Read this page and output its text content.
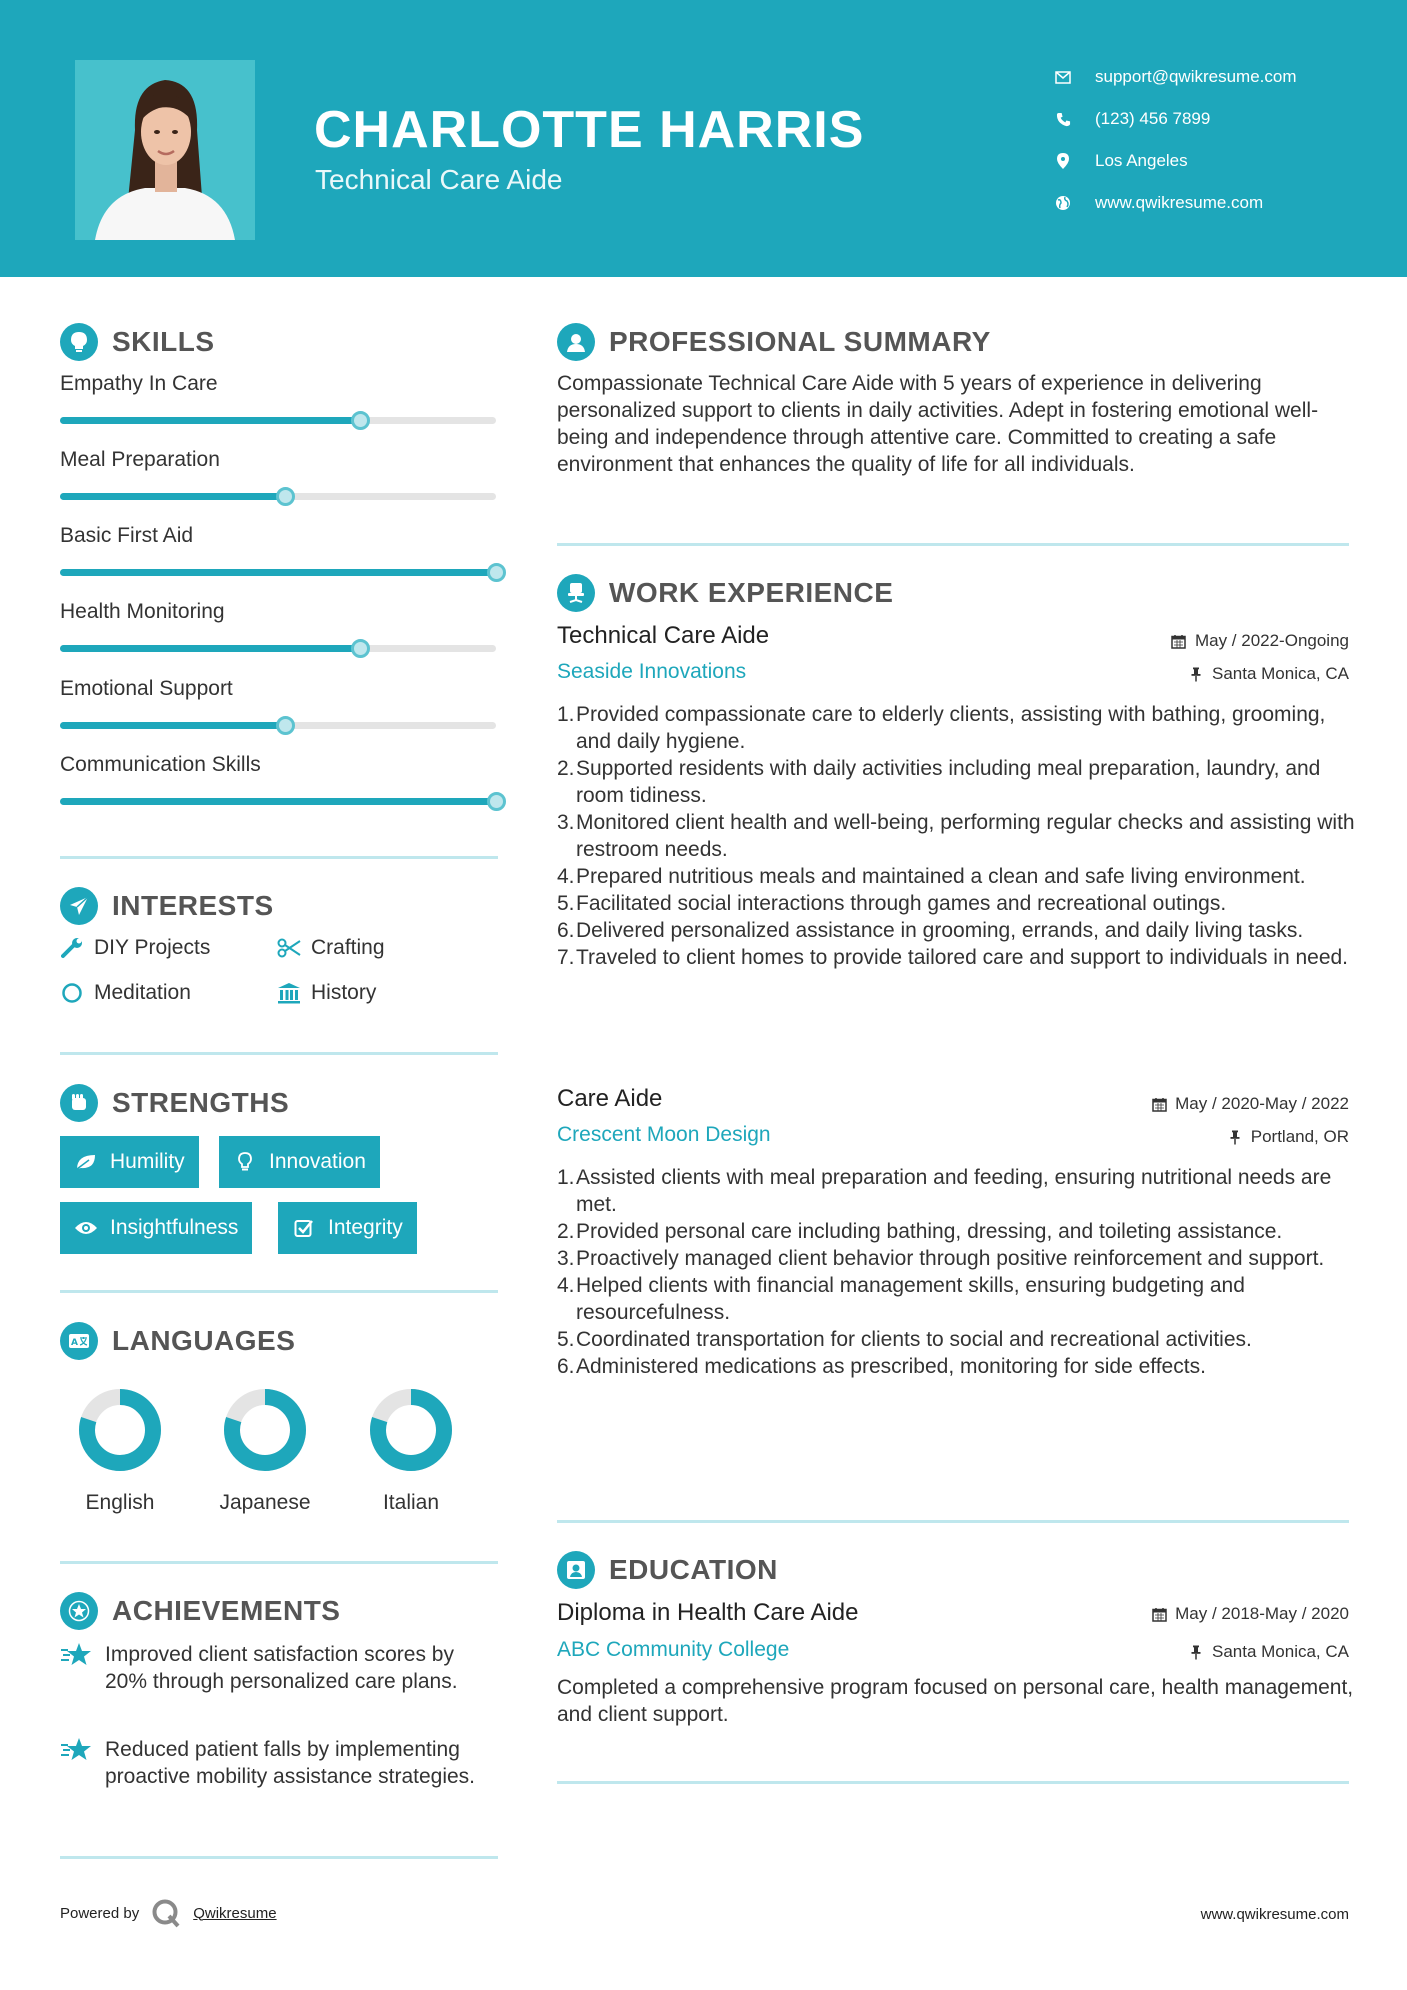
CHARLOTTE HARRIS
Technical Care Aide
support@qwikresume.com
(123) 456 7899
Los Angeles
www.qwikresume.com
SKILLS
Empathy In Care
Meal Preparation
Basic First Aid
Health Monitoring
Emotional Support
Communication Skills
INTERESTS
DIY Projects	Crafting
Meditation	History
STRENGTHS
Humility	Innovation
Insightfulness	Integrity
A LANGUAGES
English	Japanese	Italian
ACHIEVEMENTS
Improved client satisfaction scores by 20% through personalized care plans.
Reduced patient falls by implementing proactive mobility assistance strategies.
PROFESSIONAL SUMMARY
Compassionate Technical Care Aide with 5 years of experience in delivering personalized support to clients in daily activities. Adept in fostering emotional well-being and independence through attentive care. Committed to creating a safe environment that enhances the quality of life for all individuals.
WORK EXPERIENCE
Technical Care Aide	May / 2022-Ongoing
Seaside Innovations	Santa Monica, CA
1. Provided compassionate care to elderly clients, assisting with bathing, grooming, and daily hygiene.
2. Supported residents with daily activities including meal preparation, laundry, and room tidiness.
3. Monitored client health and well-being, performing regular checks and assisting with restroom needs.
4. Prepared nutritious meals and maintained a clean and safe living environment.
5. Facilitated social interactions through games and recreational outings.
6. Delivered personalized assistance in grooming, errands, and daily living tasks.
7. Traveled to client homes to provide tailored care and support to individuals in need.
Care Aide	May / 2020-May / 2022
Crescent Moon Design	Portland, OR
1. Assisted clients with meal preparation and feeding, ensuring nutritional needs are met.
2. Provided personal care including bathing, dressing, and toileting assistance.
3. Proactively managed client behavior through positive reinforcement and support.
4. Helped clients with financial management skills, ensuring budgeting and resourcefulness.
5. Coordinated transportation for clients to social and recreational activities.
6. Administered medications as prescribed, monitoring for side effects.
EDUCATION
Diploma in Health Care Aide	May / 2018-May / 2020
ABC Community College	Santa Monica, CA
Completed a comprehensive program focused on personal care, health management, and client support.
Powered by	Qwikresume	www.qwikresume.com
